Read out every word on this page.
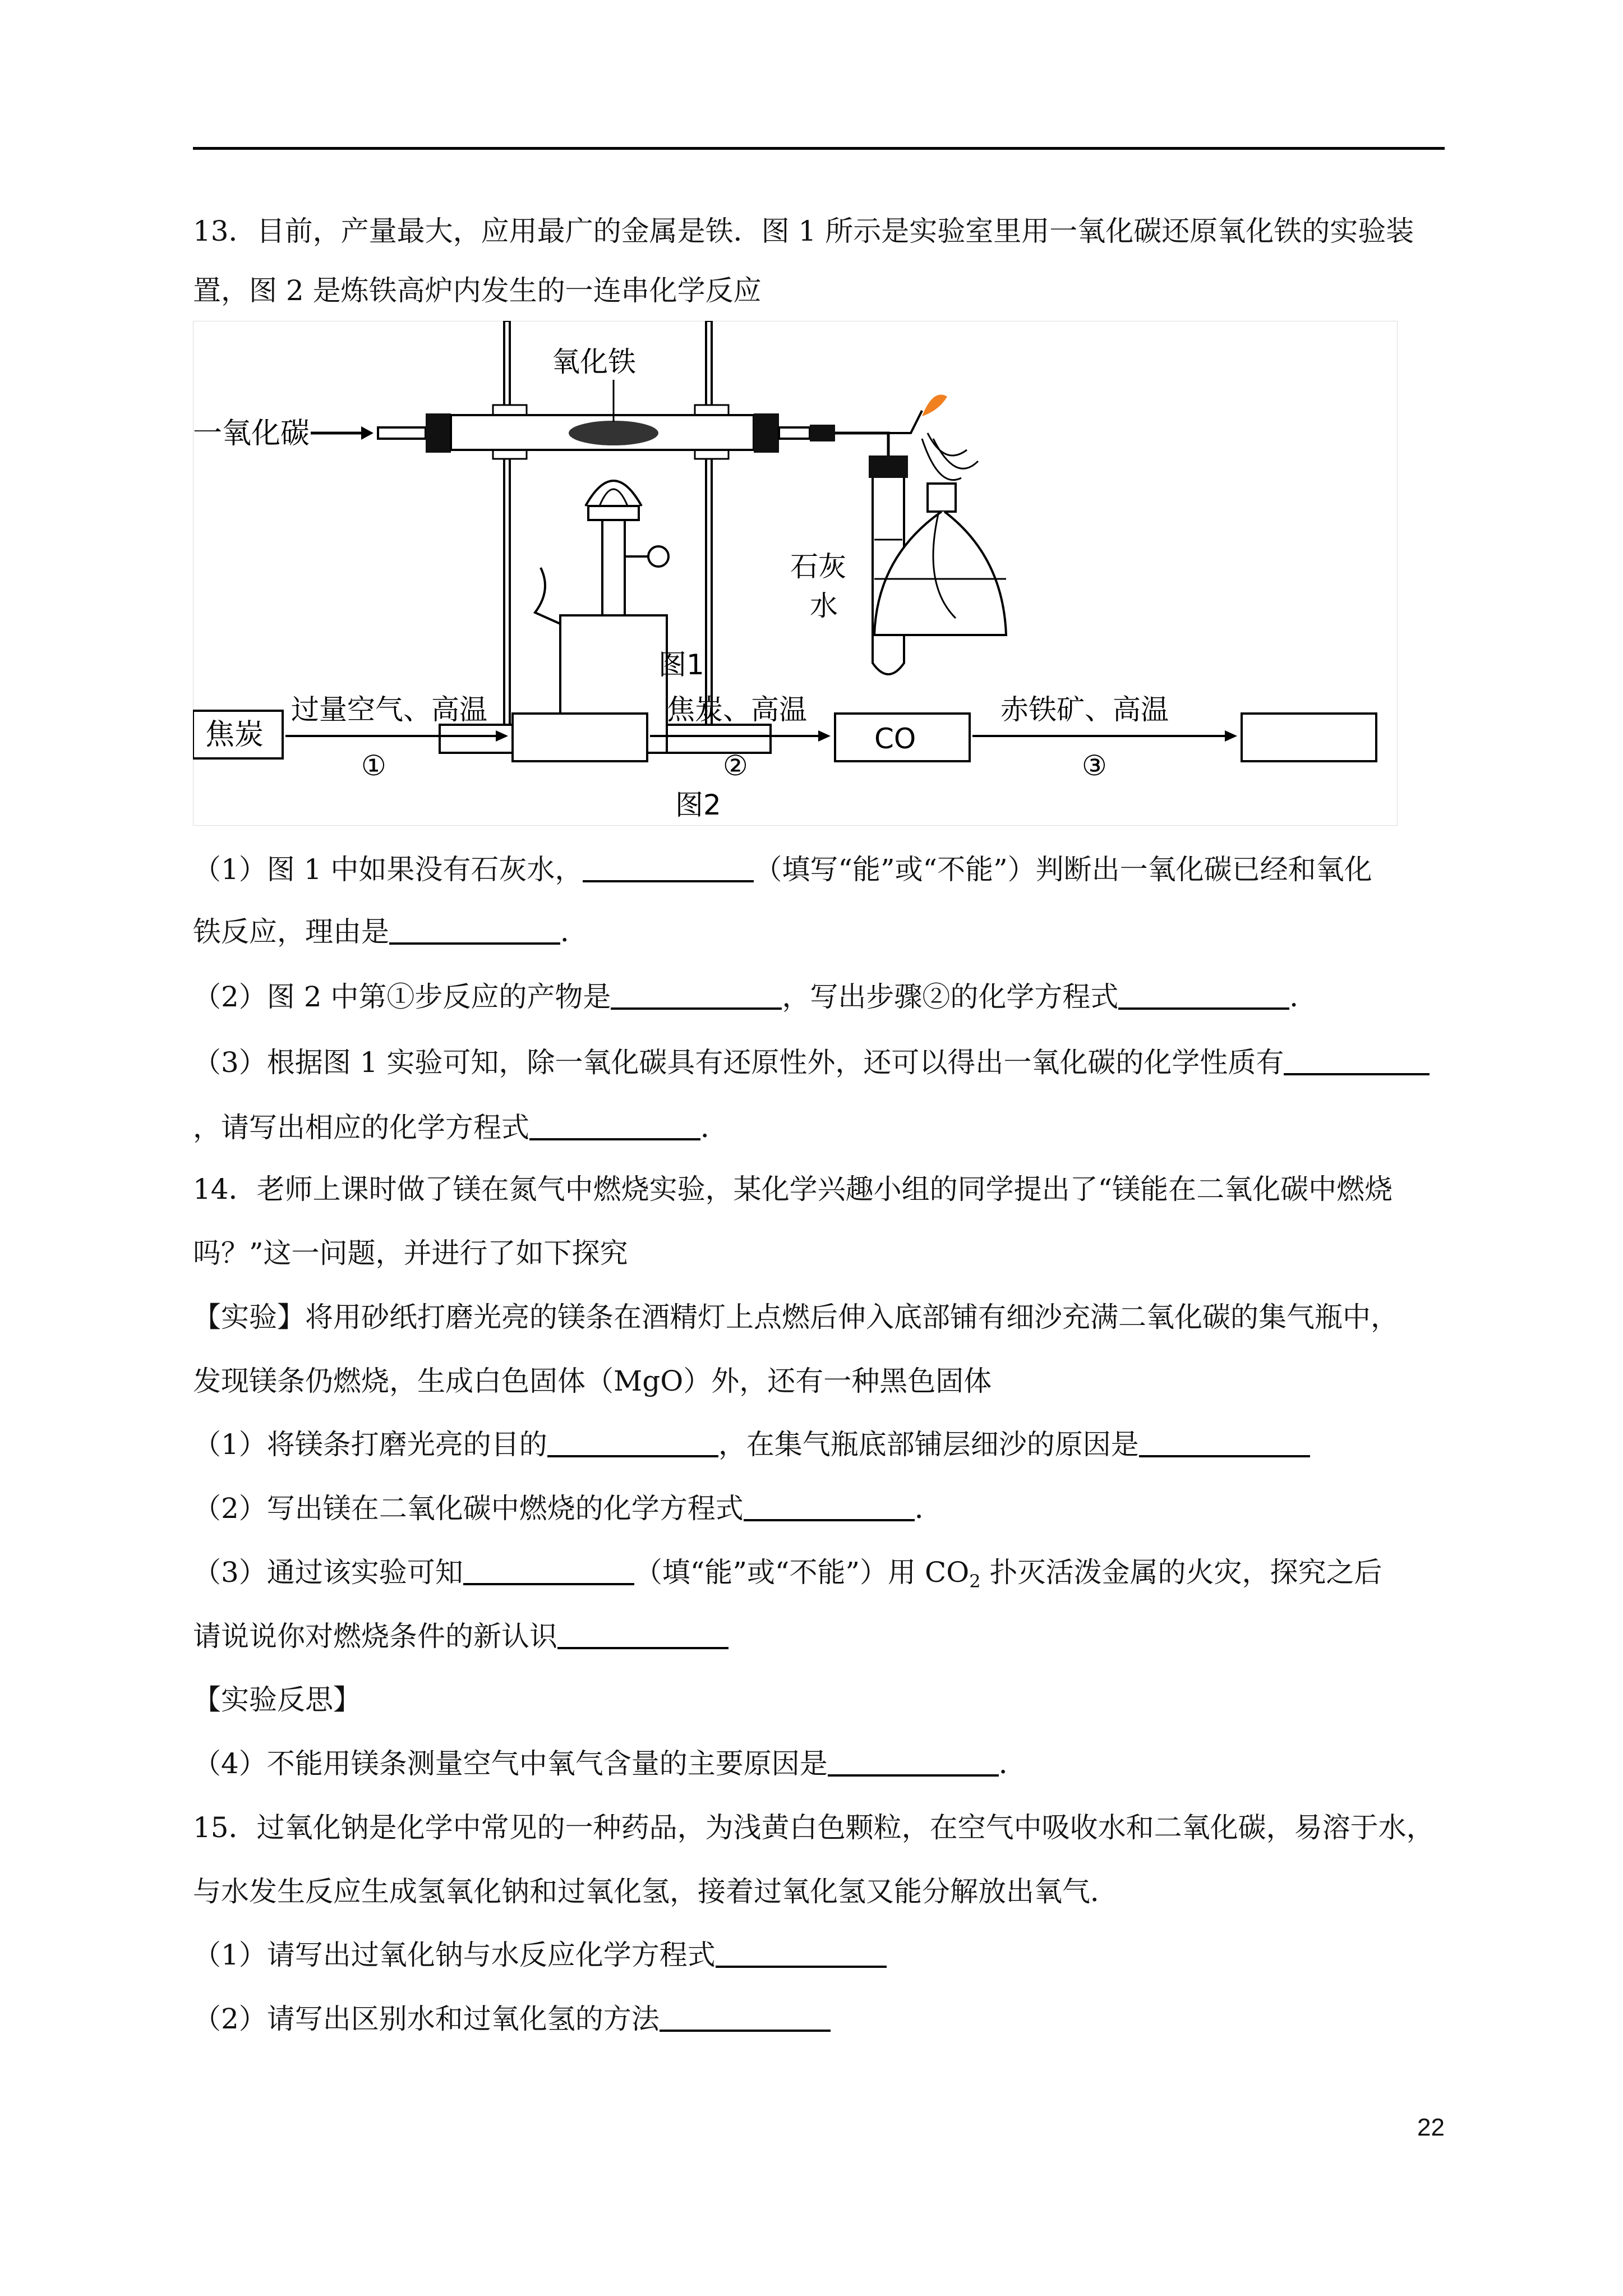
13．目前，产量最大，应用最广的金属是铁．图 1 所示是实验室里用一氧化碳还原氧化铁的实验装
置，图 2 是炼铁高炉内发生的一连串化学反应
一氧化碳
氧化铁
石灰
水
图1
焦炭
过量空气、高温
①
焦炭、高温
②
CO
赤铁矿、高温
③
图2
（1）图 1 中如果没有石灰水，	（填写“能”或“不能”）判断出一氧化碳已经和氧化
铁反应，理由是	．
（2）图 2 中第①步反应的产物是	，写出步骤②的化学方程式	．
（3）根据图 1 实验可知，除一氧化碳具有还原性外，还可以得出一氧化碳的化学性质有
，请写出相应的化学方程式	．
14．老师上课时做了镁在氮气中燃烧实验，某化学兴趣小组的同学提出了“镁能在二氧化碳中燃烧
吗？”这一问题，并进行了如下探究
【实验】将用砂纸打磨光亮的镁条在酒精灯上点燃后伸入底部铺有细沙充满二氧化碳的集气瓶中，
发现镁条仍燃烧，生成白色固体（MgO）外，还有一种黑色固体
（1）将镁条打磨光亮的目的	，在集气瓶底部铺层细沙的原因是
（2）写出镁在二氧化碳中燃烧的化学方程式	．
（3）通过该实验可知	（填“能”或“不能”）用 $CO_2$ 扑灭活泼金属的火灾，探究之后
请说说你对燃烧条件的新认识
【实验反思】
（4）不能用镁条测量空气中氧气含量的主要原因是	．
15．过氧化钠是化学中常见的一种药品，为浅黄白色颗粒，在空气中吸收水和二氧化碳，易溶于水，
与水发生反应生成氢氧化钠和过氧化氢，接着过氧化氢又能分解放出氧气．
（1）请写出过氧化钠与水反应化学方程式
（2）请写出区别水和过氧化氢的方法
22
